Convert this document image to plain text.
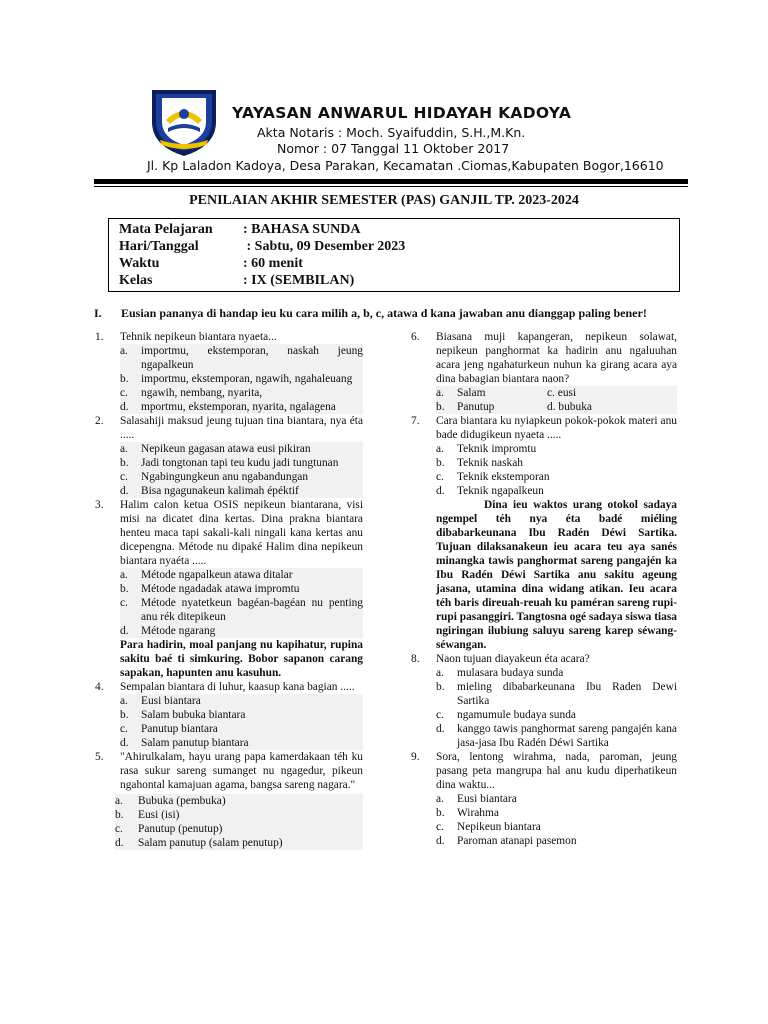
YAYASAN ANWARUL HIDAYAH KADOYA
Akta Notaris : Moch. Syaifuddin, S.H.,M.Kn.
Nomor : 07 Tanggal 11 Oktober 2017
Jl. Kp Laladon Kadoya, Desa Parakan, Kecamatan .Ciomas,Kabupaten Bogor,16610
PENILAIAN AKHIR SEMESTER (PAS) GANJIL TP. 2023-2024
Mata Pelajaran : BAHASA SUNDA
Hari/Tanggal	: Sabtu, 09 Desember 2023
Waktu	: 60 menit
Kelas	: IX (SEMBILAN)
I. Eusian pananya di handap ieu ku cara milih a, b, c, atawa d kana jawaban anu dianggap paling bener!
1. Tehnik nepikeun biantara nyaeta...
a. importmu, ekstemporan, naskah jeung ngapalkeun
b. importmu, ekstemporan, ngawih, ngahaleuang
c. ngawih, nembang, nyarita,
d. mportmu, ekstemporan, nyarita, ngalagena
2. Salasahiji maksud jeung tujuan tina biantara, nya éta .....
a. Nepikeun gagasan atawa eusi pikiran
b. Jadi tongtonan tapi teu kudu jadi tungtunan
c. Ngabingungkeun anu ngabandungan
d. Bisa ngagunakeun kalimah épéktif
3. Halim calon ketua OSIS nepikeun biantarana, visi misi na dicatet dina kertas. Dina prakna biantara henteu maca tapi sakali-kali ningali kana kertas anu dicepengna. Métode nu dipaké Halim dina nepikeun biantara nyaéta .....
a. Métode ngapalkeun atawa ditalar
b. Métode ngadadak atawa impromtu
c. Métode nyatetkeun bagéan-bagéan nu penting anu rék ditepikeun
d. Métode ngarang
Para hadirin, moal panjang nu kapihatur, rupina sakitu baé ti simkuring. Bobor sapanon carang sapakan, hapunten anu kasuhun.
4. Sempalan biantara di luhur, kaasup kana bagian .....
a. Eusi biantara
b. Salam bubuka biantara
c. Panutup biantara
d. Salam panutup biantara
5. "Ahirulkalam, hayu urang papa kamerdakaan téh ku rasa sukur sareng sumanget nu ngagedur, pikeun ngahontal kamajuan agama, bangsa sareng nagara."
a. Bubuka (pembuka)
b. Eusi (isi)
c. Panutup (penutup)
d. Salam panutup (salam penutup)
6. Biasana muji kapangeran, nepikeun solawat, nepikeun panghormat ka hadirin anu ngaluuhan acara jeng ngahaturkeun nuhun ka girang acara aya dina babagian biantara naon?
a. Salam	c. eusi
b. Panutup	d. bubuka
7. Cara biantara ku nyiapkeun pokok-pokok materi anu bade didugikeun nyaeta .....
a. Teknik impromtu
b. Teknik naskah
c. Teknik ekstemporan
d. Teknik ngapalkeun
Dina ieu waktos urang otokol sadaya ngempel téh nya éta badé miéling dibabarkeunana Ibu Radén Déwi Sartika. Tujuan dilaksanakeun ieu acara teu aya sanés minangka tawis panghormat sareng pangajén ka Ibu Radén Déwi Sartika anu sakitu ageung jasana, utamina dina widang atikan. Ieu acara téh baris direuah-reuah ku paméran sareng rupi-rupi pasanggiri. Tangtosna ogé sadaya siswa tiasa ngiringan ilubiung saluyu sareng karep séwang-séwangan.
8. Naon tujuan diayakeun éta acara?
a. mulasara budaya sunda
b. mieling dibabarkeunana Ibu Raden Dewi Sartika
c. ngamumule budaya sunda
d. kanggo tawis panghormat sareng pangajén kana jasa-jasa Ibu Radén Déwi Sartika
9. Sora, lentong wirahma, nada, paroman, jeung pasang peta mangrupa hal anu kudu diperhatikeun dina waktu...
a. Eusi biantara
b. Wirahma
c. Nepikeun biantara
d. Paroman atanapi pasemon
